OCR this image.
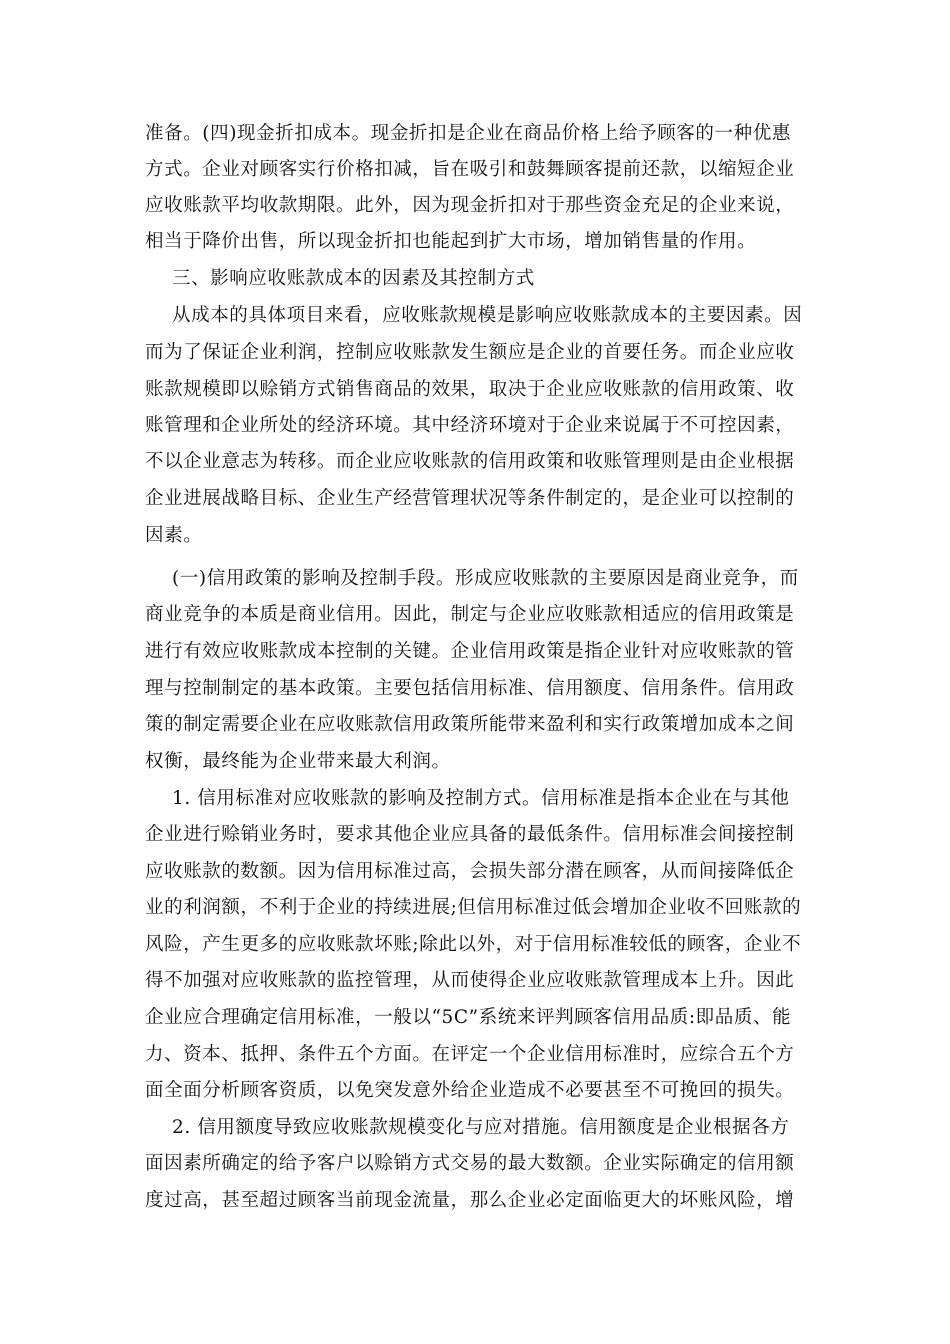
准备。(四)现金折扣成本。现金折扣是企业在商品价格上给予顾客的一种优惠
方式。企业对顾客实行价格扣减，旨在吸引和鼓舞顾客提前还款，以缩短企业
应收账款平均收款期限。此外，因为现金折扣对于那些资金充足的企业来说，
相当于降价出售，所以现金折扣也能起到扩大市场，增加销售量的作用。
三、影响应收账款成本的因素及其控制方式
从成本的具体项目来看，应收账款规模是影响应收账款成本的主要因素。因
而为了保证企业利润，控制应收账款发生额应是企业的首要任务。而企业应收
账款规模即以赊销方式销售商品的效果，取决于企业应收账款的信用政策、收
账管理和企业所处的经济环境。其中经济环境对于企业来说属于不可控因素，
不以企业意志为转移。而企业应收账款的信用政策和收账管理则是由企业根据
企业进展战略目标、企业生产经营管理状况等条件制定的，是企业可以控制的
因素。
(一)信用政策的影响及控制手段。形成应收账款的主要原因是商业竞争，而
商业竞争的本质是商业信用。因此，制定与企业应收账款相适应的信用政策是
进行有效应收账款成本控制的关键。企业信用政策是指企业针对应收账款的管
理与控制制定的基本政策。主要包括信用标准、信用额度、信用条件。信用政
策的制定需要企业在应收账款信用政策所能带来盈利和实行政策增加成本之间
权衡，最终能为企业带来最大利润。
1. 信用标准对应收账款的影响及控制方式。信用标准是指本企业在与其他
企业进行赊销业务时，要求其他企业应具备的最低条件。信用标准会间接控制
应收账款的数额。因为信用标准过高，会损失部分潜在顾客，从而间接降低企
业的利润额，不利于企业的持续进展;但信用标准过低会增加企业收不回账款的
风险，产生更多的应收账款坏账;除此以外，对于信用标准较低的顾客，企业不
得不加强对应收账款的监控管理，从而使得企业应收账款管理成本上升。因此
企业应合理确定信用标准，一般以“5C”系统来评判顾客信用品质:即品质、能
力、资本、抵押、条件五个方面。在评定一个企业信用标准时，应综合五个方
面全面分析顾客资质，以免突发意外给企业造成不必要甚至不可挽回的损失。
2. 信用额度导致应收账款规模变化与应对措施。信用额度是企业根据各方
面因素所确定的给予客户以赊销方式交易的最大数额。企业实际确定的信用额
度过高，甚至超过顾客当前现金流量，那么企业必定面临更大的坏账风险，增
